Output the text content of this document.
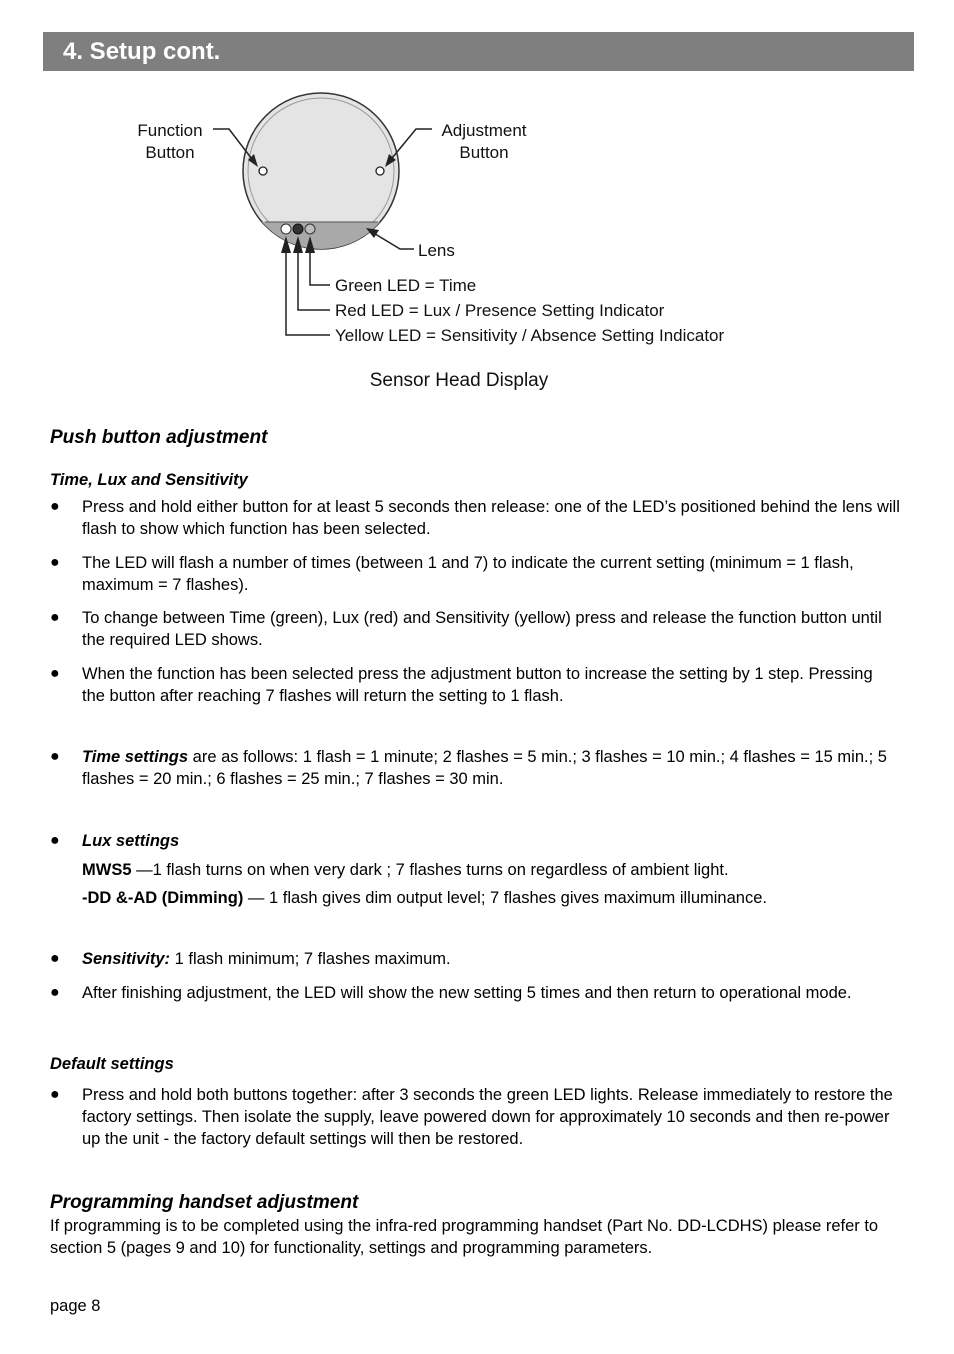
4. Setup cont.
Function
Button
Adjustment
Button
Lens
Green LED = Time
Red LED = Lux / Presence Setting Indicator
Yellow LED = Sensitivity / Absence Setting Indicator
Sensor Head Display
Push button adjustment
Time, Lux and Sensitivity
● Press and hold either button for at least 5 seconds then release: one of the LED’s positioned behind the lens will flash to show which function has been selected.
● The LED will flash a number of times (between 1 and 7) to indicate the current setting (minimum = 1 flash, maximum = 7 flashes).
● To change between Time (green), Lux (red) and Sensitivity (yellow) press and release the function button until the required LED shows.
● When the function has been selected press the adjustment button to increase the setting by 1 step. Pressing the button after reaching 7 flashes will return the setting to 1 flash.
● Time settings are as follows: 1 flash = 1 minute; 2 flashes = 5 min.; 3 flashes = 10 min.; 4 flashes = 15 min.; 5 flashes = 20 min.; 6 flashes = 25 min.; 7 flashes = 30 min.
● Lux settings
MWS5 —1 flash turns on when very dark ; 7 flashes turns on regardless of ambient light.
-DD &-AD (Dimming) — 1 flash gives dim output level; 7 flashes gives maximum illuminance.
● Sensitivity: 1 flash minimum; 7 flashes maximum.
● After finishing adjustment, the LED will show the new setting 5 times and then return to operational mode.
Default settings
● Press and hold both buttons together: after 3 seconds the green LED lights. Release immediately to restore the factory settings. Then isolate the supply, leave powered down for approximately 10 seconds and then re-power up the unit - the factory default settings will then be restored.
Programming handset adjustment
If programming is to be completed using the infra-red programming handset (Part No. DD-LCDHS) please refer to section 5 (pages 9 and 10) for functionality, settings and programming parameters.
page 8
